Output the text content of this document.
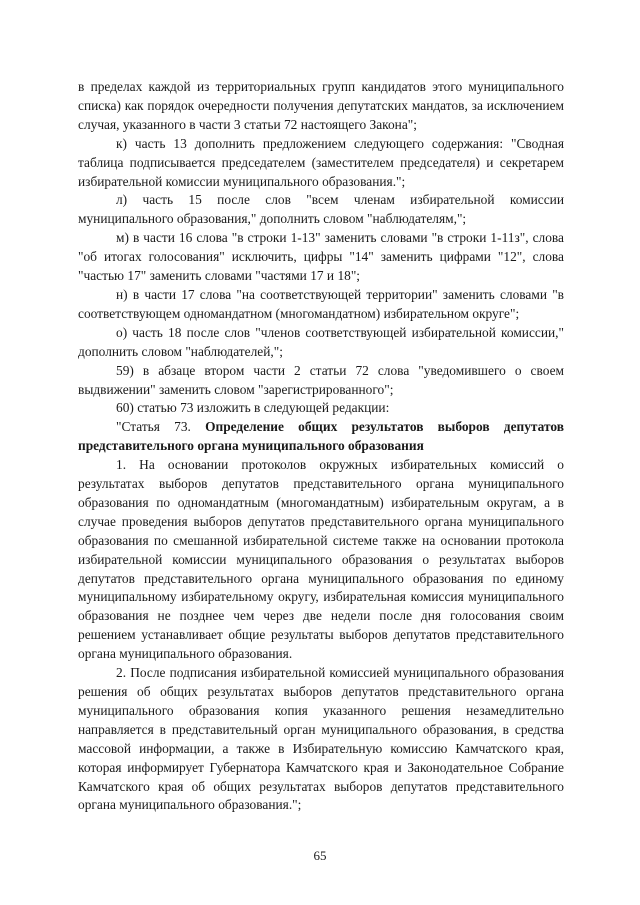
в пределах каждой из территориальных групп кандидатов этого муниципального списка) как порядок очередности получения депутатских мандатов, за исключением случая, указанного в части 3 статьи 72 настоящего Закона";

к) часть 13 дополнить предложением следующего содержания: "Сводная таблица подписывается председателем (заместителем председателя) и секретарем избирательной комиссии муниципального образования.";

л) часть 15 после слов "всем членам избирательной комиссии муниципального образования," дополнить словом "наблюдателям,";

м) в части 16 слова "в строки 1-13" заменить словами "в строки 1-11з", слова "об итогах голосования" исключить, цифры "14" заменить цифрами "12", слова "частью 17" заменить словами "частями 17 и 18";

н) в части 17 слова "на соответствующей территории" заменить словами "в соответствующем одномандатном (многомандатном) избирательном округе";

о) часть 18 после слов "членов соответствующей избирательной комиссии," дополнить словом "наблюдателей,";

59) в абзаце втором части 2 статьи 72 слова "уведомившего о своем выдвижении" заменить словом "зарегистрированного";

60) статью 73 изложить в следующей редакции:

"Статья 73. Определение общих результатов выборов депутатов представительного органа муниципального образования

1. На основании протоколов окружных избирательных комиссий о результатах выборов депутатов представительного органа муниципального образования по одномандатным (многомандатным) избирательным округам, а в случае проведения выборов депутатов представительного органа муниципального образования по смешанной избирательной системе также на основании протокола избирательной комиссии муниципального образования о результатах выборов депутатов представительного органа муниципального образования по единому муниципальному избирательному округу, избирательная комиссия муниципального образования не позднее чем через две недели после дня голосования своим решением устанавливает общие результаты выборов депутатов представительного органа муниципального образования.

2. После подписания избирательной комиссией муниципального образования решения об общих результатах выборов депутатов представительного органа муниципального образования копия указанного решения незамедлительно направляется в представительный орган муниципального образования, в средства массовой информации, а также в Избирательную комиссию Камчатского края, которая информирует Губернатора Камчатского края и Законодательное Собрание Камчатского края об общих результатах выборов депутатов представительного органа муниципального образования.";

65
